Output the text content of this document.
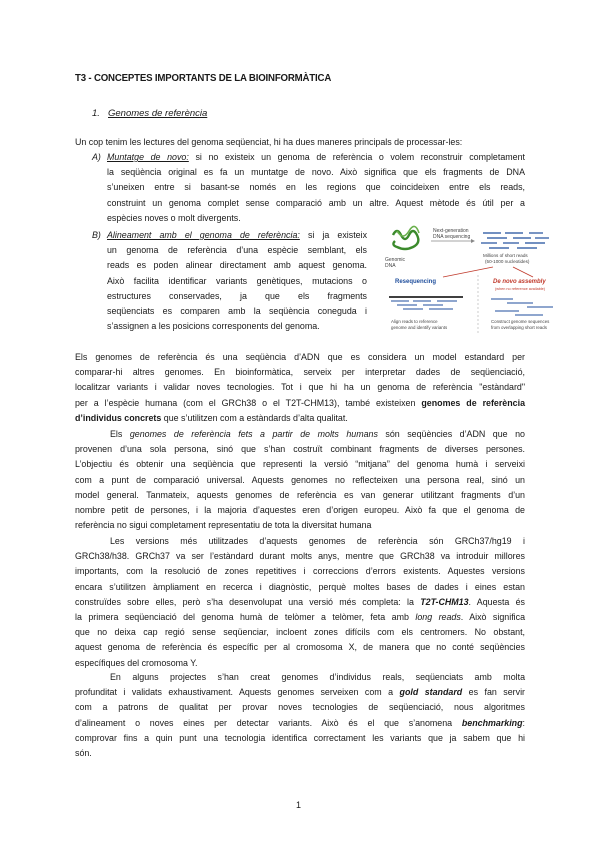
T3 - CONCEPTES IMPORTANTS DE LA BIOINFORMÀTICA
1. Genomes de referència
Un cop tenim les lectures del genoma seqüenciat, hi ha dues maneres principals de processar-les:
A) Muntatge de novo: si no existeix un genoma de referència o volem reconstruir completament
la seqüència original es fa un muntatge de novo. Això significa que els fragments de DNA
s’uneixen entre si basant-se només en les regions que coincideixen entre els reads,
construint un genoma complet sense comparació amb un altre. Aquest mètode és útil per a
espècies noves o molt divergents.
B) Alineament amb el genoma de referència: si ja existeix
un genoma de referència d’una espècie semblant, els
reads es poden alinear directament amb aquest genoma.
Això facilita identificar variants genètiques, mutacions o
estructures conservades, ja que els fragments
seqüenciats es comparen amb la seqüència coneguda i
s’assignen a les posicions corresponents del genoma.
Next-generation
DNA sequencing
Genomic
DNA
Millions of short reads
(50-1000 nucleotides)
Resequencing	De novo assembly
(when no reference available)
Align reads to reference
genome and identify variants
Construct genome sequences
from overlapping short reads
Els genomes de referència és una seqüència d’ADN que es considera un model estandard per
comparar-hi altres genomes. En bioinformàtica, serveix per interpretar dades de seqüenciació,
localitzar variants i validar noves tecnologies. Tot i que hi ha un genoma de referència "estàndard"
per a l’espècie humana (com el GRCh38 o el T2T-CHM13), també existeixen genomes de referència
d’individus concrets que s’utilitzen com a estàndards d’alta qualitat.
Els genomes de referència fets a partir de molts humans són seqüències d’ADN que no
provenen d’una sola persona, sinó que s’han costruït combinant fragments de diverses persones.
L’objectiu és obtenir una seqüència que representi la versió “mitjana” del genoma humà i serveixi
com a punt de comparació universal. Aquests genomes no reflecteixen una persona real, sinó un
model general. Tanmateix, aquests genomes de referència es van generar utilitzant fragments d’un
nombre petit de persones, i la majoria d’aquestes eren d’origen europeu. Això fa que el genoma de
referència no sigui completament representatiu de tota la diversitat humana
Les versions més utilitzades d’aquests genomes de referència són GRCh37/hg19 i
GRCh38/h38. GRCh37 va ser l’estàndard durant molts anys, mentre que GRCh38 va introduir millores
importants, com la resolució de zones repetitives i correccions d’errors existents. Aquestes versions
encara s’utilitzen àmpliament en recerca i diagnòstic, perquè moltes bases de dades i eines estan
construïdes sobre elles, però s’ha desenvolupat una versió més completa: la T2T-CHM13. Aquesta és
la primera seqüenciació del genoma humà de telòmer a telòmer, feta amb long reads. Això significa
que no deixa cap regió sense seqüenciar, incloent zones difícils com els centromers. No obstant,
aquest genoma de referència és específic per al cromosoma X, de manera que no conté seqüències
específiques del cromosoma Y.
En alguns projectes s’han creat genomes d’individus reals, seqüenciats amb molta
profunditat i validats exhaustivament. Aquests genomes serveixen com a gold standard es fan servir
com a patrons de qualitat per provar noves tecnologies de seqüenciació, nous algoritmes
d’alineament o noves eines per detectar variants. Això és el que s’anomena benchmarking:
comprovar fins a quin punt una tecnologia identifica correctament les variants que ja sabem que hi
són.
1
